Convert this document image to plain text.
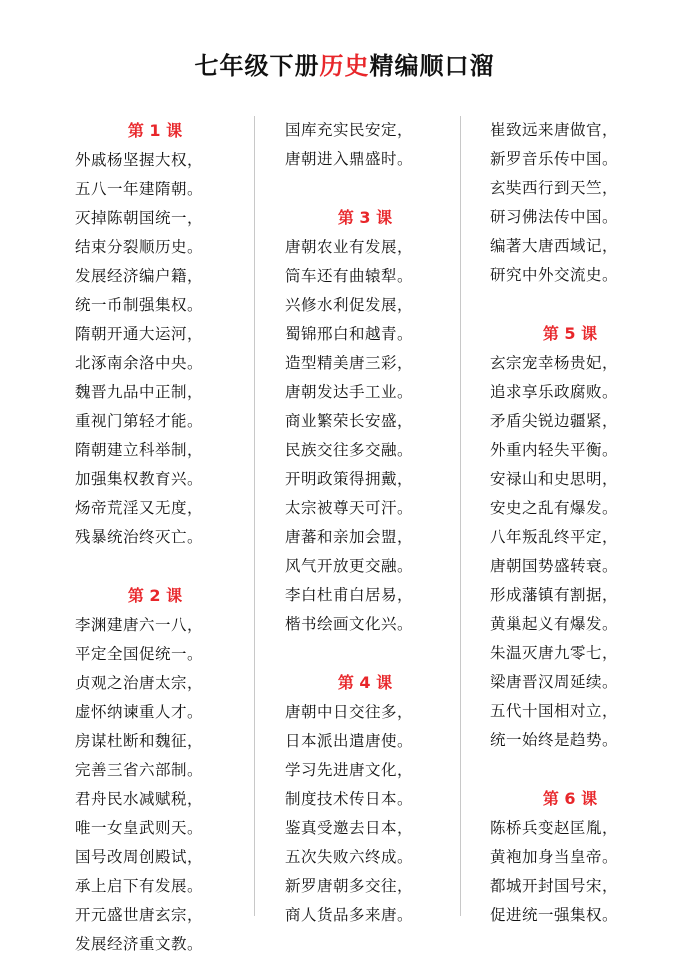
七年级下册历史精编顺口溜
第 1 课
外戚杨坚握大权，
五八一年建隋朝。
灭掉陈朝国统一，
结束分裂顺历史。
发展经济编户籍，
统一币制强集权。
隋朝开通大运河，
北涿南余洛中央。
魏晋九品中正制，
重视门第轻才能。
隋朝建立科举制，
加强集权教育兴。
炀帝荒淫又无度，
残暴统治终灭亡。
第 2 课
李渊建唐六一八，
平定全国促统一。
贞观之治唐太宗，
虚怀纳谏重人才。
房谋杜断和魏征，
完善三省六部制。
君舟民水减赋税，
唯一女皇武则天。
国号改周创殿试，
承上启下有发展。
开元盛世唐玄宗，
发展经济重文教。
国库充实民安定，
唐朝进入鼎盛时。
第 3 课
唐朝农业有发展，
筒车还有曲辕犁。
兴修水利促发展，
蜀锦邢白和越青。
造型精美唐三彩，
唐朝发达手工业。
商业繁荣长安盛，
民族交往多交融。
开明政策得拥戴，
太宗被尊天可汗。
唐蕃和亲加会盟，
风气开放更交融。
李白杜甫白居易，
楷书绘画文化兴。
第 4 课
唐朝中日交往多，
日本派出遣唐使。
学习先进唐文化，
制度技术传日本。
鉴真受邀去日本，
五次失败六终成。
新罗唐朝多交往，
商人货品多来唐。
崔致远来唐做官，
新罗音乐传中国。
玄奘西行到天竺，
研习佛法传中国。
编著大唐西域记，
研究中外交流史。
第 5 课
玄宗宠幸杨贵妃，
追求享乐政腐败。
矛盾尖锐边疆紧，
外重内轻失平衡。
安禄山和史思明，
安史之乱有爆发。
八年叛乱终平定，
唐朝国势盛转衰。
形成藩镇有割据，
黄巢起义有爆发。
朱温灭唐九零七，
梁唐晋汉周延续。
五代十国相对立，
统一始终是趋势。
第 6 课
陈桥兵变赵匡胤，
黄袍加身当皇帝。
都城开封国号宋，
促进统一强集权。
